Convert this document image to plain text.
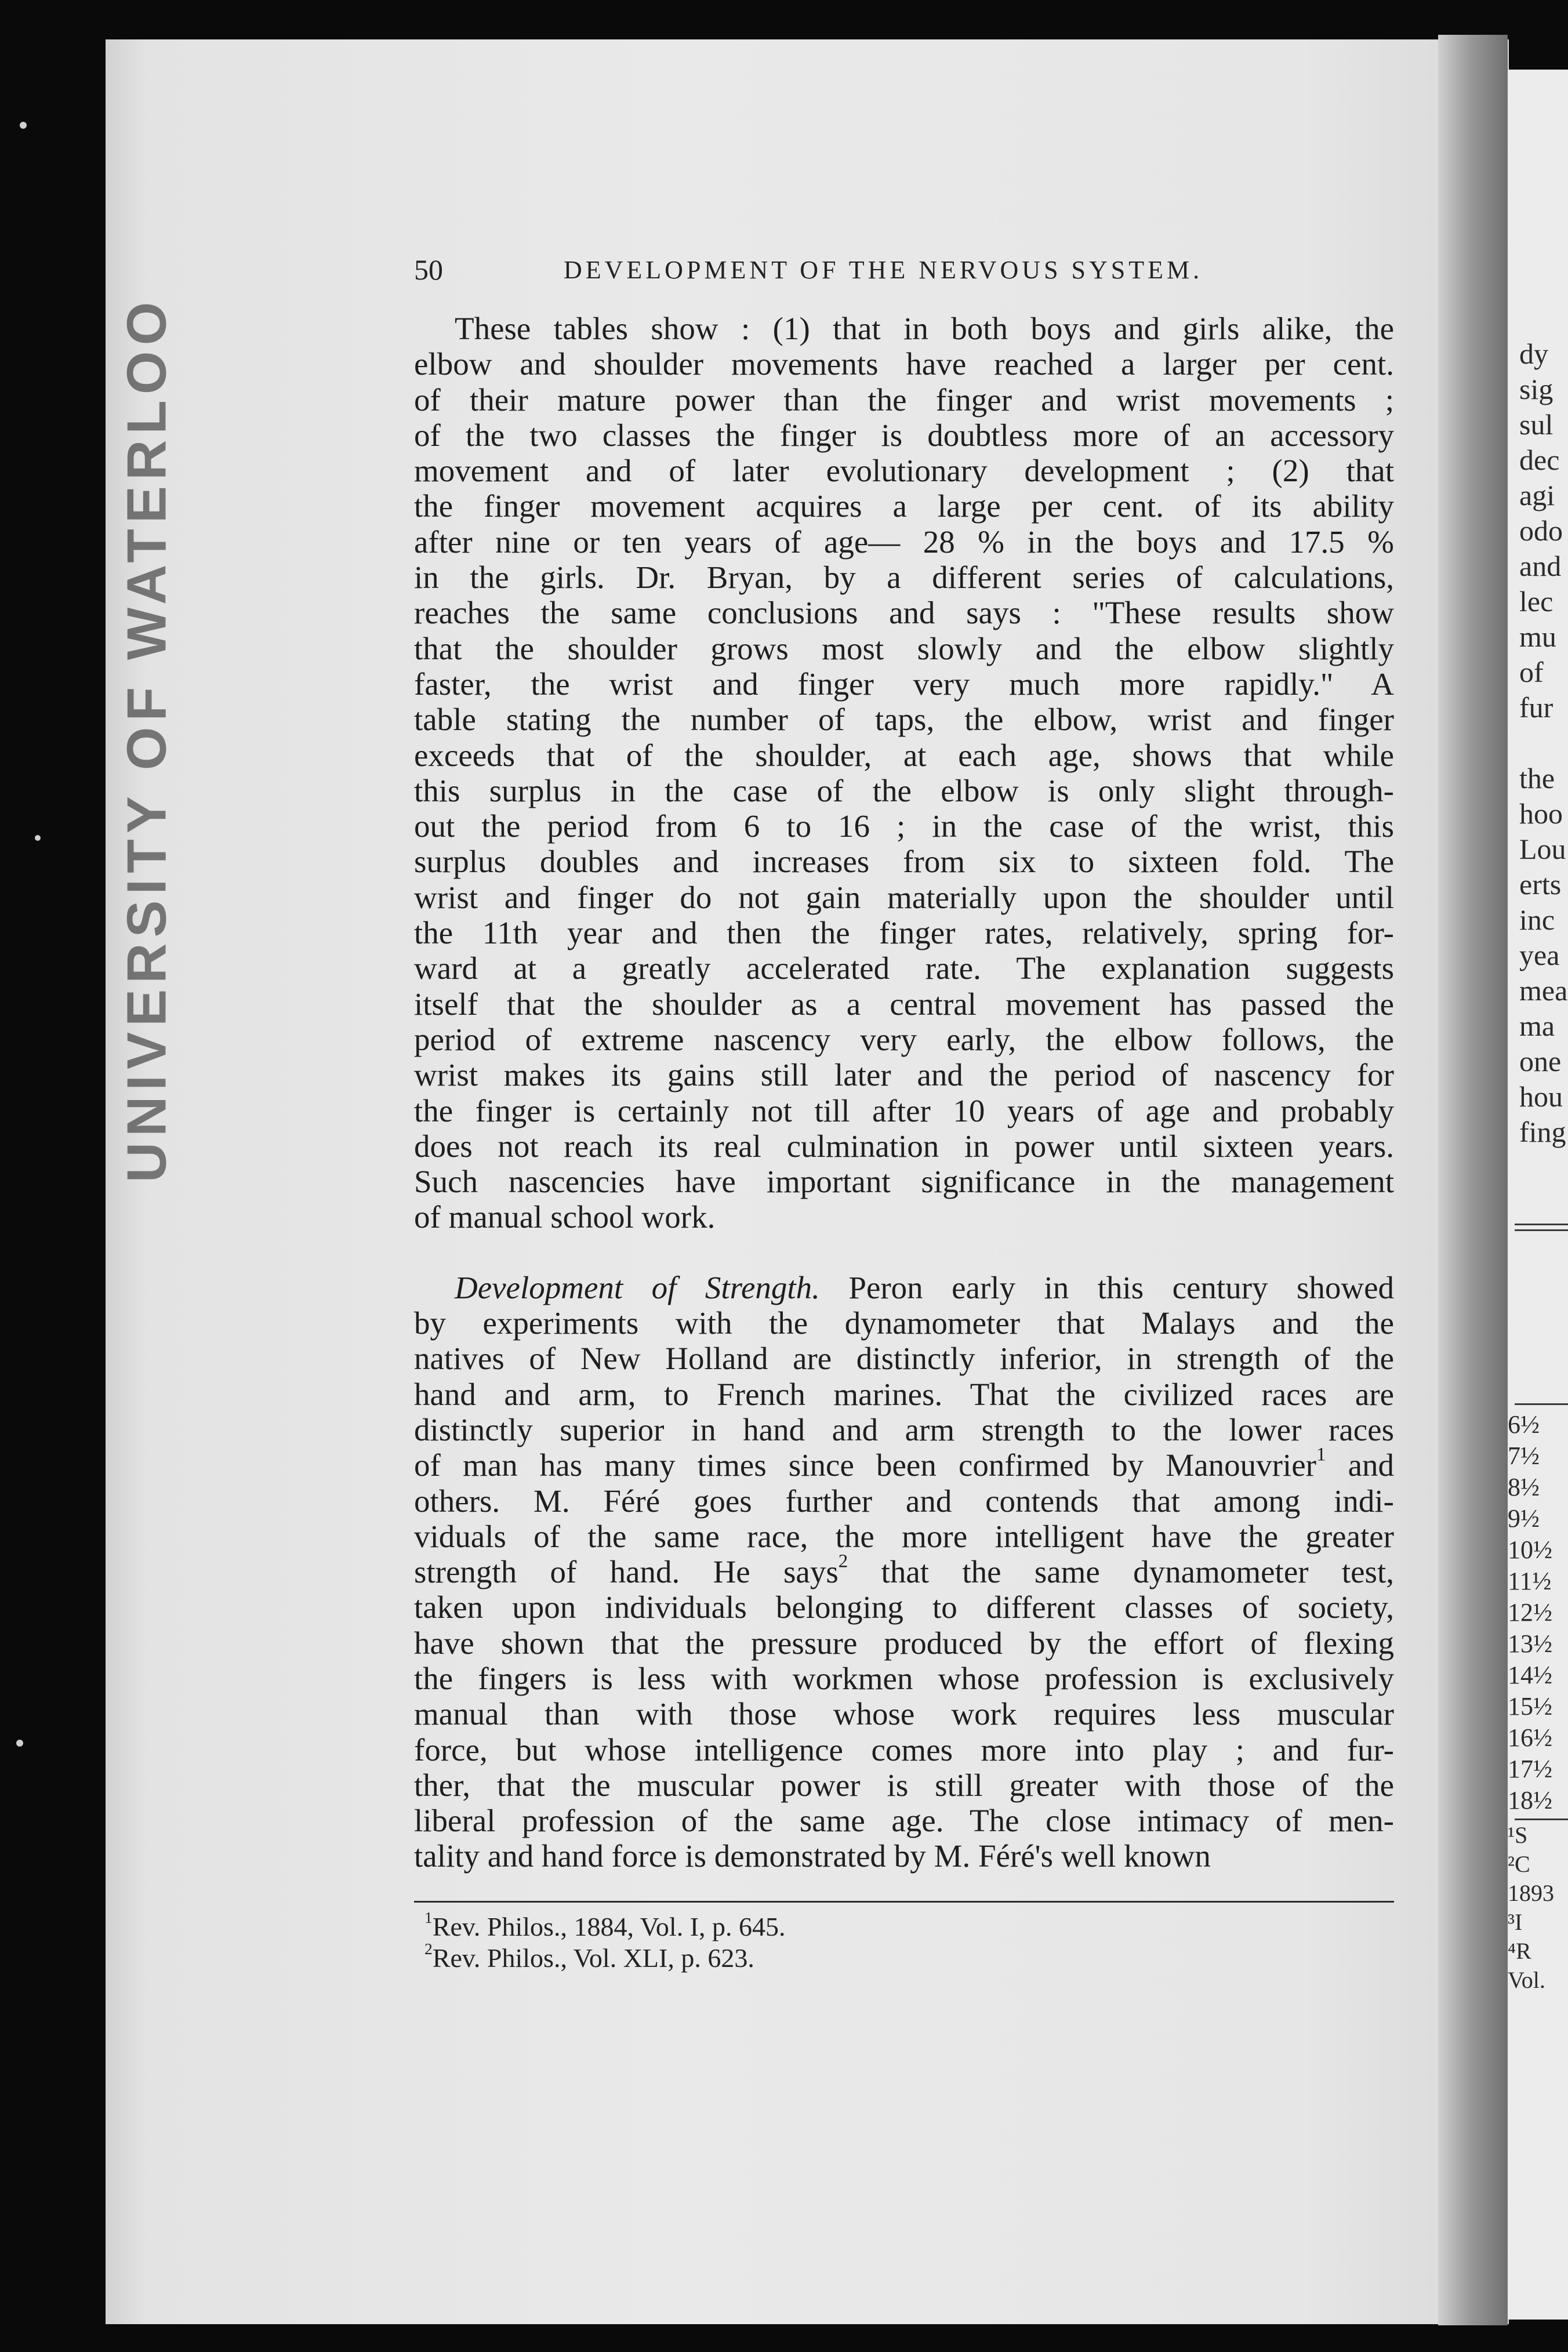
UNIVERSITY OF WATERLOO
50	DEVELOPMENT OF THE NERVOUS SYSTEM.
These tables show : (1) that in both boys and girls alike, the
elbow and shoulder movements have reached a larger per cent.
of their mature power than the finger and wrist movements ;
of the two classes the finger is doubtless more of an accessory
movement and of later evolutionary development ; (2) that
the finger movement acquires a large per cent. of its ability
after nine or ten years of age— 28 % in the boys and 17.5 %
in the girls. Dr. Bryan, by a different series of calculations,
reaches the same conclusions and says : "These results show
that the shoulder grows most slowly and the elbow slightly
faster, the wrist and finger very much more rapidly." A
table stating the number of taps, the elbow, wrist and finger
exceeds that of the shoulder, at each age, shows that while
this surplus in the case of the elbow is only slight through-
out the period from 6 to 16 ; in the case of the wrist, this
surplus doubles and increases from six to sixteen fold. The
wrist and finger do not gain materially upon the shoulder until
the 11th year and then the finger rates, relatively, spring for-
ward at a greatly accelerated rate. The explanation suggests
itself that the shoulder as a central movement has passed the
period of extreme nascency very early, the elbow follows, the
wrist makes its gains still later and the period of nascency for
the finger is certainly not till after 10 years of age and probably
does not reach its real culmination in power until sixteen years.
Such nascencies have important significance in the management
of manual school work.
Development of Strength. Peron early in this century showed
by experiments with the dynamometer that Malays and the
natives of New Holland are distinctly inferior, in strength of the
hand and arm, to French marines. That the civilized races are
distinctly superior in hand and arm strength to the lower races
of man has many times since been confirmed by Manouvrier$^1$ and
others. M. Féré goes further and contends that among indi-
viduals of the same race, the more intelligent have the greater
strength of hand. He says$^2$ that the same dynamometer test,
taken upon individuals belonging to different classes of society,
have shown that the pressure produced by the effort of flexing
the fingers is less with workmen whose profession is exclusively
manual than with those whose work requires less muscular
force, but whose intelligence comes more into play ; and fur-
ther, that the muscular power is still greater with those of the
liberal profession of the same age. The close intimacy of men-
tality and hand force is demonstrated by M. Féré's well known
$^1$Rev. Philos., 1884, Vol. I, p. 645.
$^2$Rev. Philos., Vol. XLI, p. 623.
dy
sig
sul
dec
agi
odo
and
lec
mu
of
fur
the
hoo
Lou
erts
inc
yea
mea
ma
one
hou
fing
6½
7½
8½
9½
10½
11½
12½
13½
14½
15½
16½
17½
18½
¹S
²C
1893
³I
⁴R
Vol.
